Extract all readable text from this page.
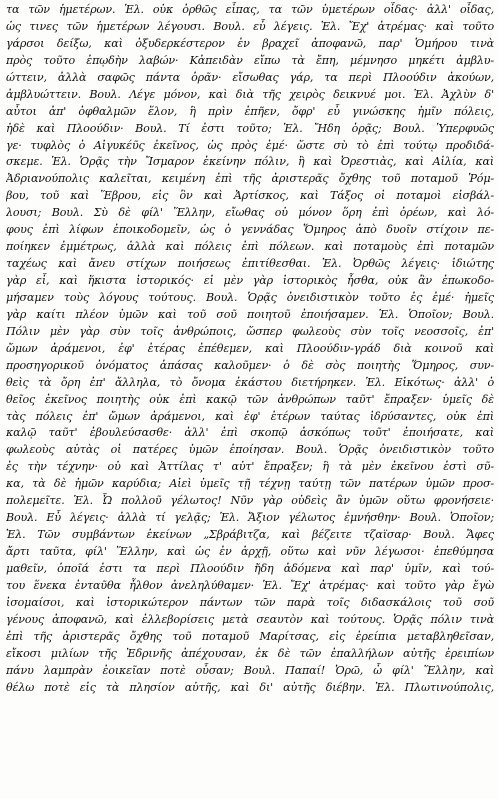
τα τῶν ἡμετέρων. Ἑλ. οὐκ ὀρθῶς εἶπας, τα τῶν ὑμετέρων οἶδας· ἀλλ' οἶδας,
ὡς τινες τῶν ἡμετέρων λέγουσι. Βουλ. εὖ λέγεις. Ἑλ. Ἔχ' ἀτρέμας· καὶ τοῦτο
γάρσοι δείξω, καὶ ὀξυδερκέστερον ἐν βραχεῖ ἀποφανῶ, παρ' Ὁμήρου τινὰ
πρὸς τοῦτο ἐπῳδὴν λαβών· Κἀπειδὰν εἴπω τὰ ἔπη, μέμνησο μηκέτι ἀμβλυ-
ώττειν, ἀλλὰ σαφῶς πάντα ὁρᾶν· εἴσωθας γάρ, τα περὶ Πλοούδιν ἀκούων,
ἀμβλυώττειν. Βουλ. Λέγε μόνον, καὶ διὰ τῆς χειρὸς δεικνυέ μοι. Ἑλ. Ἀχλὺν δ'
αὖτοι ἀπ' ὀφθαλμῶν ἕλον, ἣ πρὶν ἐπῆεν, ὄφρ' εὖ γινώσκης ἡμῖν πόλεις,
ἠδὲ καὶ Πλοούδιν· Βουλ. Τί ἐστι τοῦτο; Ἑλ. Ἤδη ὁρᾷς; Βουλ. Ὑπερφυῶς
γε· τυφλὸς ὁ Αἰγυκέῦς ἐκεῖνος, ὡς πρὸς ἐμέ· ὥστε σὺ τὸ ἐπὶ τούτῳ προδιδά-
σκεμε. Ἑλ. Ὁρᾷς τὴν Ἴσμαρον ἐκείνην πόλιν, ἣ καὶ Ὀρεστιὰς, καὶ Αἰλία, καὶ
Ἀδριανούπολις καλεῖται, κειμένη ἐπὶ τῆς ἀριστερᾶς ὄχθης τοῦ ποταμοῦ Ῥόμ-
βου, τοῦ καὶ Ἕβρου, εἰς ὃν καὶ Ἀρτίσκος, καὶ Τάξος οἱ ποταμοὶ εἰσβάλ-
λουσι; Βουλ. Σὺ δὲ φίλ' Ἕλλην, εἴωθας οὐ μόνον ὅρη ἐπὶ ὀρέων, καὶ λό-
φους ἐπὶ λίφων ἐποικοδομεῖν, ὡς ὁ γεννάδας Ὅμηρος ἀπὸ δυοῖν στίχοιν πε-
ποίηκεν ἐμμέτρως, ἀλλὰ καὶ πόλεις ἐπὶ πόλεων. καὶ ποταμοὺς ἐπὶ ποταμῶν
ταχέως καὶ ἄνευ στίχων ποιήσεως ἐπιτίθεσθαι. Ἑλ. Ὀρθῶς λέγεις· ἰδιώτης
γὰρ εἶ, καὶ ἥκιστα ἱστορικός· εἰ μὲν γὰρ ἱστορικὸς ἦσθα, οὐκ ἂν ἐπωκοδο-
μήσαμεν τοὺς λόγους τούτους. Βουλ. Ὁρᾷς ὀνειδιστικὸν τοῦτο ἐς ἐμέ· ἡμεῖς
γὰρ καίτι πλέον ὑμῶν καὶ τοῦ σοῦ ποιητοῦ ἐποιήσαμεν. Ἑλ. Ὁποῖον; Βουλ.
Πόλιν μὲν γὰρ σὺν τοῖς ἀνθρώποις, ὥσπερ φωλεοὺς σὺν τοῖς νεοσσοῖς, ἐπ'
ὤμων ἀράμενοι, ἐφ' ἑτέρας ἐπέθεμεν, καὶ Πλοούδιν-γράδ διὰ κοινοῦ καὶ
προσηγορικοῦ ὀνόματος ἁπάσας καλοῦμεν· ὁ δὲ σὸς ποιητὴς Ὅμηρος, συν-
θεὶς τὰ ὄρη ἐπ' ἄλληλα, τὸ ὄνομα ἑκάστου διετήρηκεν. Ἑλ. Εἰκότως· ἀλλ' ὁ
θεῖος ἐκεῖνος ποιητὴς οὐκ ἐπὶ κακῷ τῶν ἀνθρώπων ταῦτ' ἔπραξεν· ὑμεῖς δὲ
τὰς πόλεις ἐπ' ὤμων ἀράμενοι, καὶ ἐφ' ἑτέρων ταύτας ἱδρύσαντες, οὐκ ἐπὶ
καλῷ ταῦτ' ἐβουλεύσασθε· ἀλλ' ἐπὶ σκοπῷ ἀσκόπως τοῦτ' ἐποιήσατε, καὶ
φωλεοὺς αὐτὰς οἱ πατέρες ὑμῶν ἐποίησαν. Βουλ. Ὁρᾷς ὀνειδιστικὸν τοῦτο
ἐς τὴν τέχνην· οὐ καὶ Ἀττίλας τ' αὐτ' ἔπραξεν; ἣ τὰ μὲν ἐκεῖνου ἐστὶ σῦ-
κα, τὰ δὲ ἡμῶν καρύδια; Αἰεὶ ὑμεῖς τῇ τέχνῃ ταύτῃ τῶν πατέρων ὑμῶν προσ-
πολεμεῖτε. Ἑλ. Ὦ πολλοῦ γέλωτος! Νῦν γὰρ οὐδεὶς ἂν ὑμῶν οὕτω φρονήσειε·
Βουλ. Εὖ λέγεις· ἀλλὰ τί γελᾷς; Ἑλ. Ἄξιον γέλωτος ἐμνήσθην· Βουλ. Ὁποῖον;
Ἑλ. Τῶν συμβάντων ἐκείνων „Σβράβιτζα, καὶ βέζειτε τζαϊσαρ· Βουλ. Ἄφες
ἄρτι ταῦτα, φίλ' Ἕλλην, καὶ ὡς ἐν ἀρχῇ, οὕτω καὶ νῦν λέγωσοι· ἐπεθύμησα
μαθεῖν, ὁποῖά ἐστι τα περὶ Πλοούδιν ἤδη ἀδόμενα καὶ παρ' ὑμῖν, καὶ τού-
του ἕνεκα ἐνταῦθα ἦλθον ἀνεληλύθαμεν· Ἑλ. Ἔχ' ἀτρέμας· καὶ τοῦτο γὰρ ἔγὼ
ἰσομαίσοι, καὶ ἱστορικώτερον πάντων τῶν παρὰ τοῖς διδασκάλοις τοῦ σοῦ
γένους ἀποφανῶ, καὶ ἐλλεβορίσεις μετὰ σεαυτὸν καὶ τούτους. Ὁρᾷς πόλιν τινὰ
ἐπὶ τῆς ἀριστερᾶς ὄχθης τοῦ ποταμοῦ Μαρίτσας, εἰς ἐρείπια μεταβληθεῖσαν,
εἴκοσι μιλίων τῆς Ἐδρινῆς ἀπέχουσαν, ἐκ δὲ τῶν ἐπαλλήλων αὐτῆς ἐρειπίων
πάνυ λαμπρὰν ἐοικεῖαν ποτὲ οὖσαν; Βουλ. Παπαί! Ὁρῶ, ὦ φίλ' Ἕλλην, καὶ
θέλω ποτὲ εἰς τὰ πλησίον αὐτῆς, καὶ δι' αὐτῆς διέβην. Ἑλ. Πλωτινούπολις,
